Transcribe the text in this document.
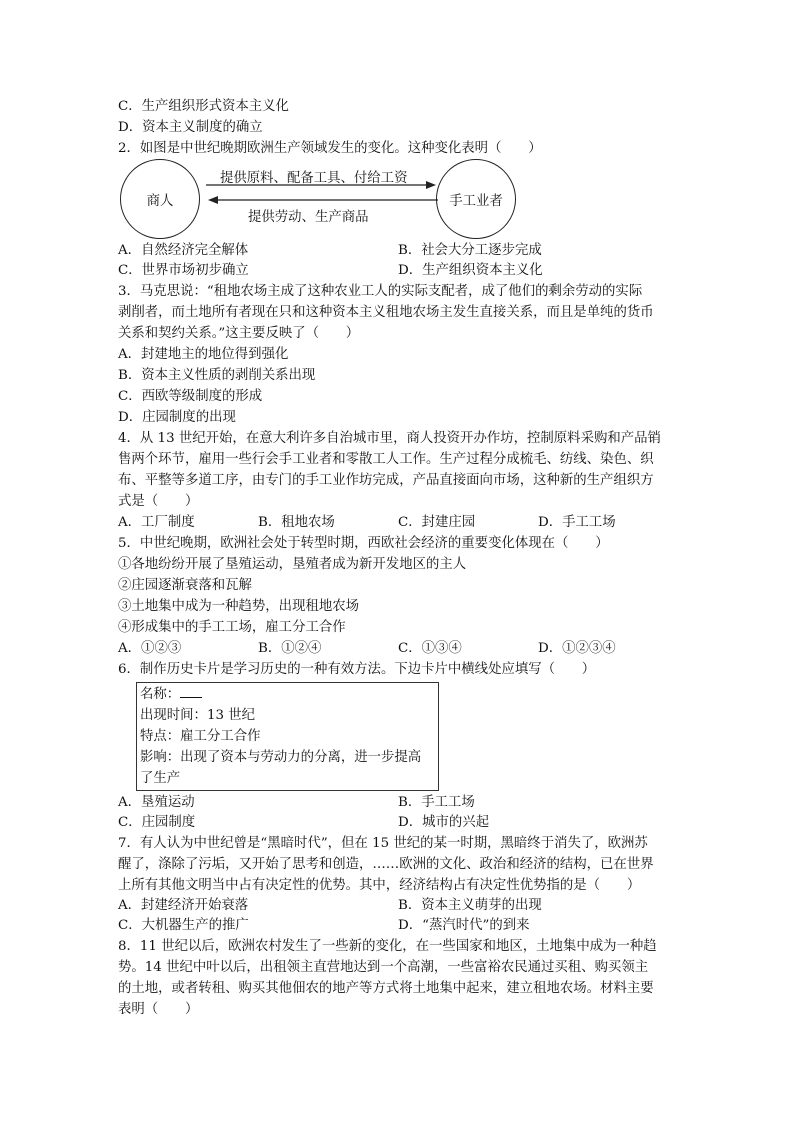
C．生产组织形式资本主义化
D．资本主义制度的确立
2．如图是中世纪晚期欧洲生产领域发生的变化。这种变化表明（　　）
商人
提供原料、配备工具、付给工资
提供劳动、生产商品
手工业者
A．自然经济完全解体	B．社会大分工逐步完成
C．世界市场初步确立	D．生产组织资本主义化
3．马克思说：“租地农场主成了这种农业工人的实际支配者，成了他们的剩余劳动的实际
剥削者，而土地所有者现在只和这种资本主义租地农场主发生直接关系，而且是单纯的货币
关系和契约关系。”这主要反映了（　　）
A．封建地主的地位得到强化
B．资本主义性质的剥削关系出现
C．西欧等级制度的形成
D．庄园制度的出现
4．从 13 世纪开始，在意大利许多自治城市里，商人投资开办作坊，控制原料采购和产品销
售两个环节，雇用一些行会手工业者和零散工人工作。生产过程分成梳毛、纺线、染色、织
布、平整等多道工序，由专门的手工业作坊完成，产品直接面向市场，这种新的生产组织方
式是（　　）
A．工厂制度	B．租地农场	C．封建庄园	D．手工工场
5．中世纪晚期，欧洲社会处于转型时期，西欧社会经济的重要变化体现在（　　）
①各地纷纷开展了垦殖运动，垦殖者成为新开发地区的主人
②庄园逐渐衰落和瓦解
③土地集中成为一种趋势，出现租地农场
④形成集中的手工工场，雇工分工合作
A．①②③	B．①②④	C．①③④	D．①②③④
6．制作历史卡片是学习历史的一种有效方法。下边卡片中横线处应填写（　　）
名称：
出现时间：13 世纪
特点：雇工分工合作
影响：出现了资本与劳动力的分离，进一步提高
了生产
A．垦殖运动	B．手工工场
C．庄园制度	D．城市的兴起
7．有人认为中世纪曾是“黑暗时代”，但在 15 世纪的某一时期，黑暗终于消失了，欧洲苏
醒了，涤除了污垢，又开始了思考和创造，……欧洲的文化、政治和经济的结构，已在世界
上所有其他文明当中占有决定性的优势。其中，经济结构占有决定性优势指的是（　　）
A．封建经济开始衰落	B．资本主义萌芽的出现
C．大机器生产的推广	D．“蒸汽时代”的到来
8．11 世纪以后，欧洲农村发生了一些新的变化，在一些国家和地区，土地集中成为一种趋
势。14 世纪中叶以后，出租领主直营地达到一个高潮，一些富裕农民通过买租、购买领主
的土地，或者转租、购买其他佃农的地产等方式将土地集中起来，建立租地农场。材料主要
表明（　　）
